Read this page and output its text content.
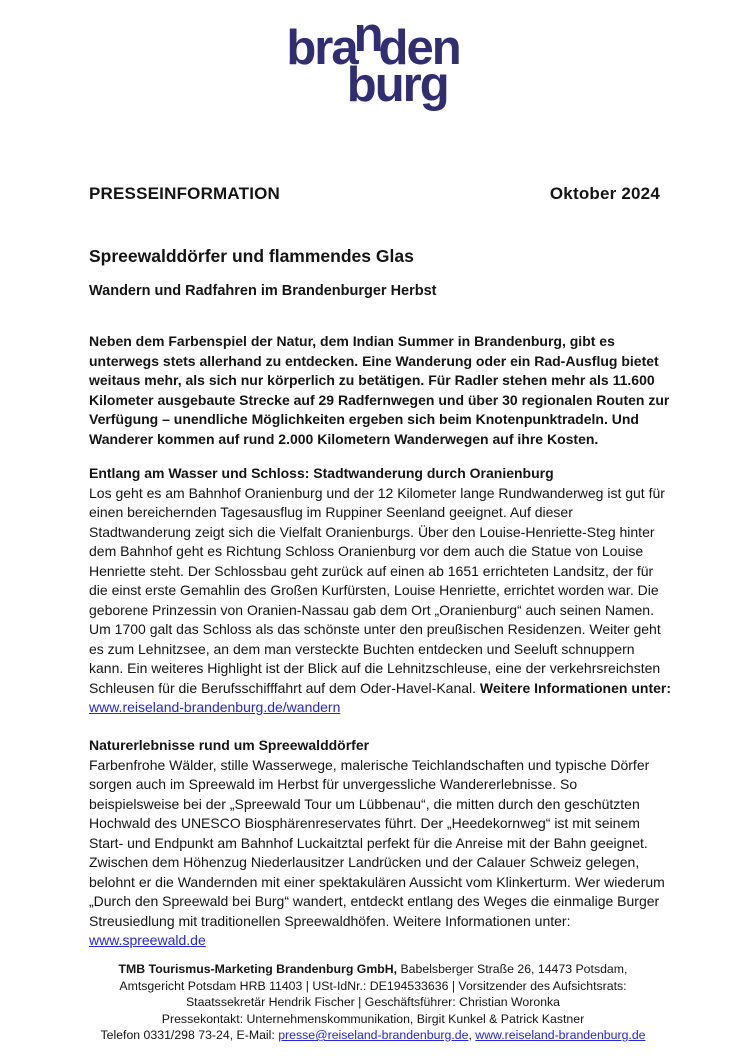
branden
burg
PRESSEINFORMATION	Oktober 2024
Spreewalddörfer und flammendes Glas
Wandern und Radfahren im Brandenburger Herbst

Neben dem Farbenspiel der Natur, dem Indian Summer in Brandenburg, gibt es unterwegs stets allerhand zu entdecken. Eine Wanderung oder ein Rad-Ausflug bietet weitaus mehr, als sich nur körperlich zu betätigen. Für Radler stehen mehr als 11.600 Kilometer ausgebaute Strecke auf 29 Radfernwegen und über 30 regionalen Routen zur Verfügung – unendliche Möglichkeiten ergeben sich beim Knotenpunktradeln. Und Wanderer kommen auf rund 2.000 Kilometern Wanderwegen auf ihre Kosten.

Entlang am Wasser und Schloss: Stadtwanderung durch Oranienburg
Los geht es am Bahnhof Oranienburg und der 12 Kilometer lange Rundwanderweg ist gut für einen bereichernden Tagesausflug im Ruppiner Seenland geeignet. Auf dieser Stadtwanderung zeigt sich die Vielfalt Oranienburgs. Über den Louise-Henriette-Steg hinter dem Bahnhof geht es Richtung Schloss Oranienburg vor dem auch die Statue von Louise Henriette steht. Der Schlossbau geht zurück auf einen ab 1651 errichteten Landsitz, der für die einst erste Gemahlin des Großen Kurfürsten, Louise Henriette, errichtet worden war. Die geborene Prinzessin von Oranien-Nassau gab dem Ort „Oranienburg“ auch seinen Namen. Um 1700 galt das Schloss als das schönste unter den preußischen Residenzen. Weiter geht es zum Lehnitzsee, an dem man versteckte Buchten entdecken und Seeluft schnuppern kann. Ein weiteres Highlight ist der Blick auf die Lehnitzschleuse, eine der verkehrsreichsten Schleusen für die Berufsschifffahrt auf dem Oder-Havel-Kanal. Weitere Informationen unter:
www.reiseland-brandenburg.de/wandern
Naturerlebnisse rund um Spreewalddörfer
Farbenfrohe Wälder, stille Wasserwege, malerische Teichlandschaften und typische Dörfer sorgen auch im Spreewald im Herbst für unvergessliche Wandererlebnisse. So beispielsweise bei der „Spreewald Tour um Lübbenau“, die mitten durch den geschützten Hochwald des UNESCO Biosphärenreservates führt. Der „Heedekornweg“ ist mit seinem Start- und Endpunkt am Bahnhof Luckaitztal perfekt für die Anreise mit der Bahn geeignet. Zwischen dem Höhenzug Niederlausitzer Landrücken und der Calauer Schweiz gelegen, belohnt er die Wandernden mit einer spektakulären Aussicht vom Klinkerturm. Wer wiederum „Durch den Spreewald bei Burg“ wandert, entdeckt entlang des Weges die einmalige Burger Streusiedlung mit traditionellen Spreewaldhöfen. Weitere Informationen unter: www.spreewald.de
TMB Tourismus-Marketing Brandenburg GmbH, Babelsberger Straße 26, 14473 Potsdam,
Amtsgericht Potsdam HRB 11403 | USt-IdNr.: DE194533636 | Vorsitzender des Aufsichtsrats:
Staatssekretär Hendrik Fischer | Geschäftsführer: Christian Woronka
Pressekontakt: Unternehmenskommunikation, Birgit Kunkel & Patrick Kastner
Telefon 0331/298 73-24, E-Mail: presse@reiseland-brandenburg.de, www.reiseland-brandenburg.de
